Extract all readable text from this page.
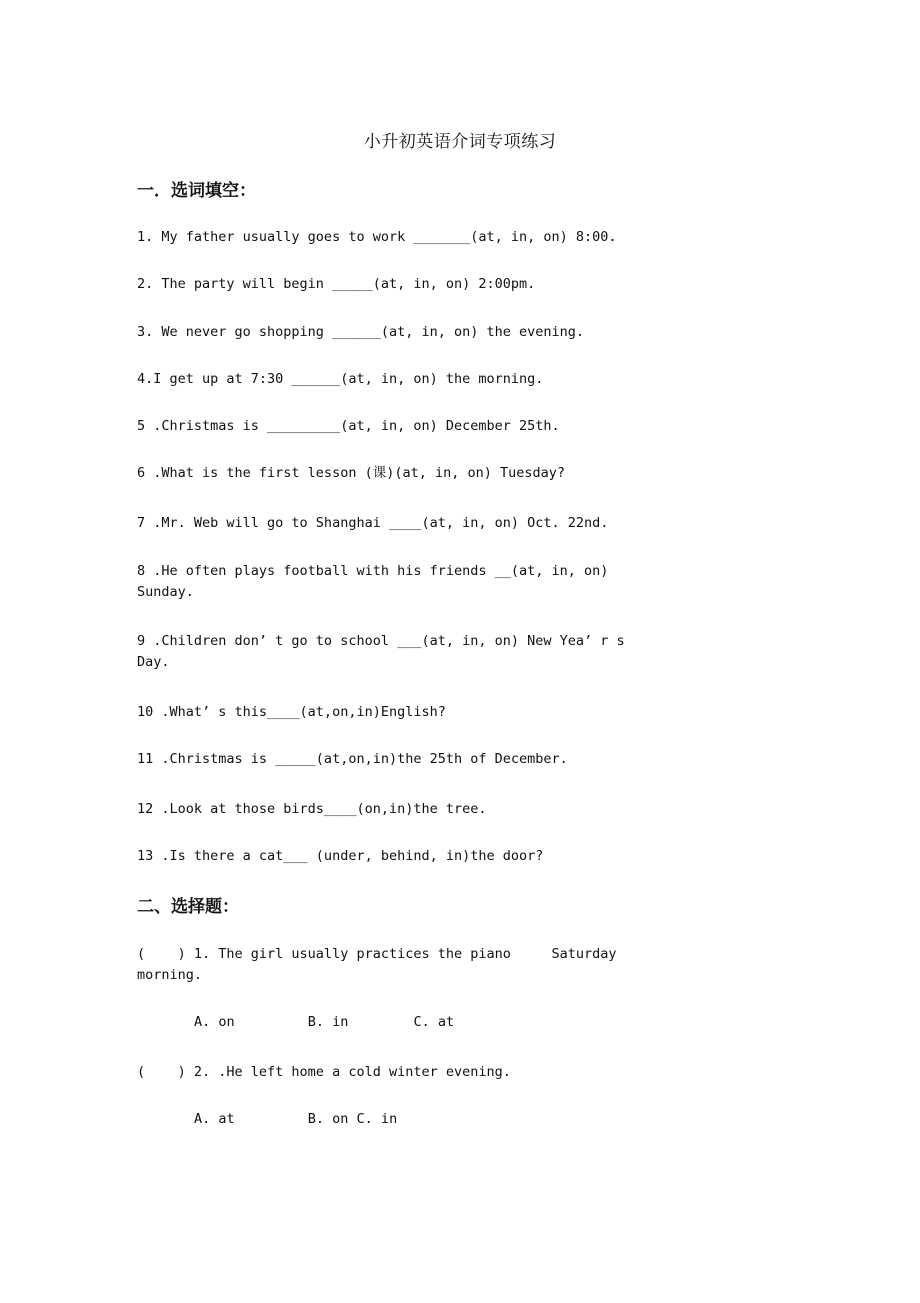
小升初英语介词专项练习
一．选词填空：
1. My father usually goes to work _______(at, in, on) 8:00.
2. The party will begin _____(at, in, on) 2:00pm.
3. We never go shopping ______(at, in, on) the evening.
4.I get up at 7:30 ______(at, in, on) the morning.
5 .Christmas is _________(at, in, on) December 25th.
6 .What is the first lesson (课)(at, in, on) Tuesday?
7 .Mr. Web will go to Shanghai ____(at, in, on) Oct. 22nd.
8 .He often plays football with his friends __(at, in, on)
Sunday.
9 .Children don’ t go to school ___(at, in, on) New Yea’ r s
Day.
10 .What’ s this____(at,on,in)English?
11 .Christmas is _____(at,on,in)the 25th of December.
12 .Look at those birds____(on,in)the tree.
13 .Is there a cat___ (under, behind, in)the door?
二、选择题：
(    ) 1. The girl usually practices the piano     Saturday
morning.
A. on         B. in        C. at
(    ) 2. .He left home a cold winter evening.
A. at         B. on C. in
